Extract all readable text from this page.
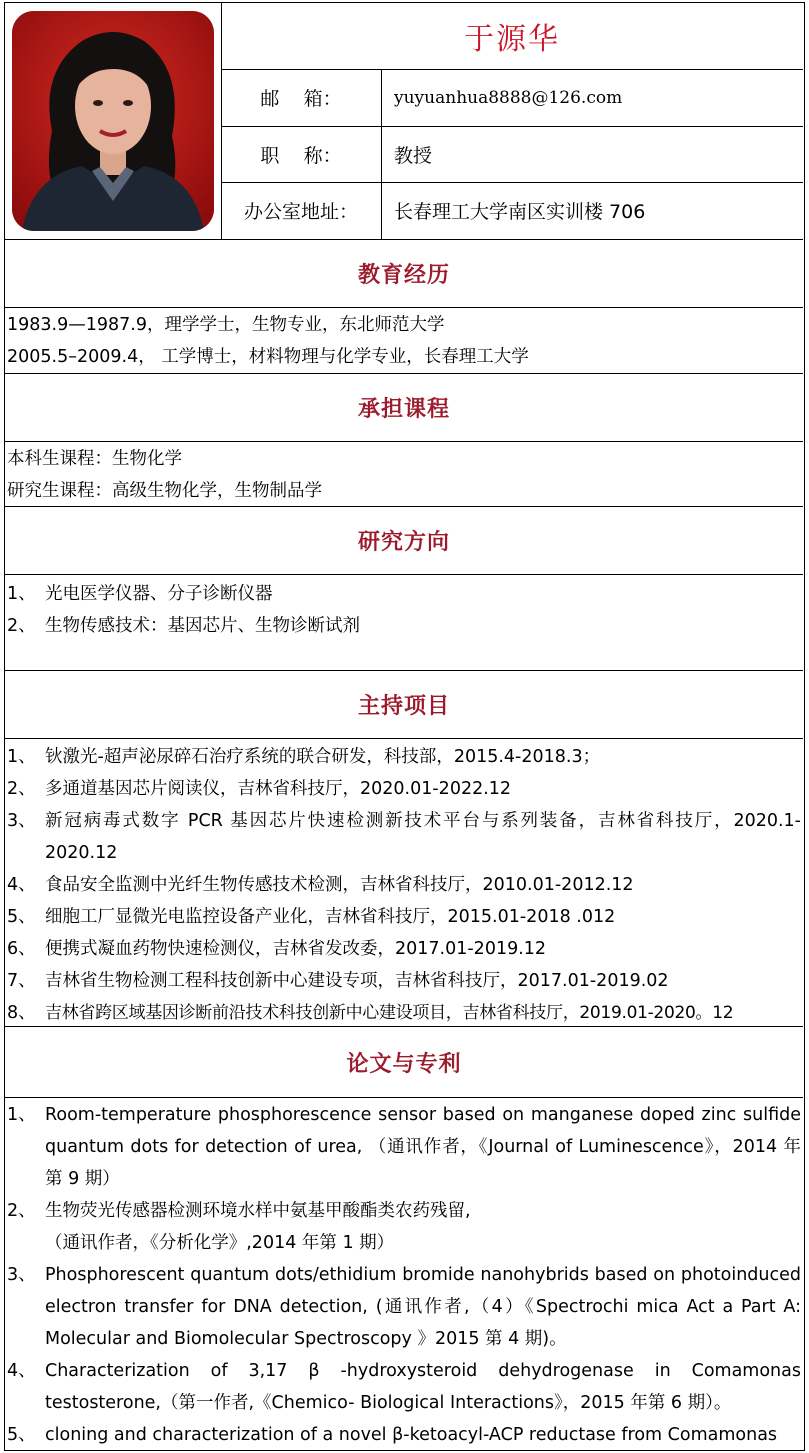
于源华
邮    箱：	yuyuanhua8888@126.com
职    称：	教授
办公室地址：	长春理工大学南区实训楼 706
教育经历
1983.9—1987.9，理学学士，生物专业，东北师范大学
2005.5–2009.4， 工学博士，材料物理与化学专业，长春理工大学
承担课程
本科生课程：生物化学
研究生课程：高级生物化学，生物制品学
研究方向
1、 光电医学仪器、分子诊断仪器
2、 生物传感技术：基因芯片、生物诊断试剂
主持项目
1、 钬激光-超声泌尿碎石治疗系统的联合研发，科技部，2015.4-2018.3；
2、 多通道基因芯片阅读仪，吉林省科技厅，2020.01-2022.12
3、 新冠病毒式数字 PCR 基因芯片快速检测新技术平台与系列装备，吉林省科技厅，2020.1-2020.12
4、 食品安全监测中光纤生物传感技术检测，吉林省科技厅，2010.01-2012.12
5、 细胞工厂显微光电监控设备产业化，吉林省科技厅，2015.01-2018 .012
6、 便携式凝血药物快速检测仪，吉林省发改委，2017.01-2019.12
7、 吉林省生物检测工程科技创新中心建设专项，吉林省科技厅，2017.01-2019.02
8、 吉林省跨区域基因诊断前沿技术科技创新中心建设项目，吉林省科技厅，2019.01-2020。12
论文与专利
1、 Room-temperature phosphorescence sensor based on manganese doped zinc sulfide quantum dots for detection of urea, （通讯作者，《Journal of Luminescence》，2014 年第 9 期）
2、 生物荧光传感器检测环境水样中氨基甲酸酯类农药残留,
（通讯作者，《分析化学》,2014 年第 1 期）
3、 Phosphorescent quantum dots/ethidium bromide nanohybrids based on photoinduced electron transfer for DNA detection, (通讯作者,（4）《Spectrochi mica Act a Part A: Molecular and Biomolecular Spectroscopy 》2015 第 4 期)。
4、 Characterization of 3,17 β -hydroxysteroid dehydrogenase in Comamonas testosterone,（第一作者,《Chemico- Biological Interactions》，2015 年第 6 期）。
5、 cloning and characterization of a novel β-ketoacyl-ACP reductase from Comamonas
